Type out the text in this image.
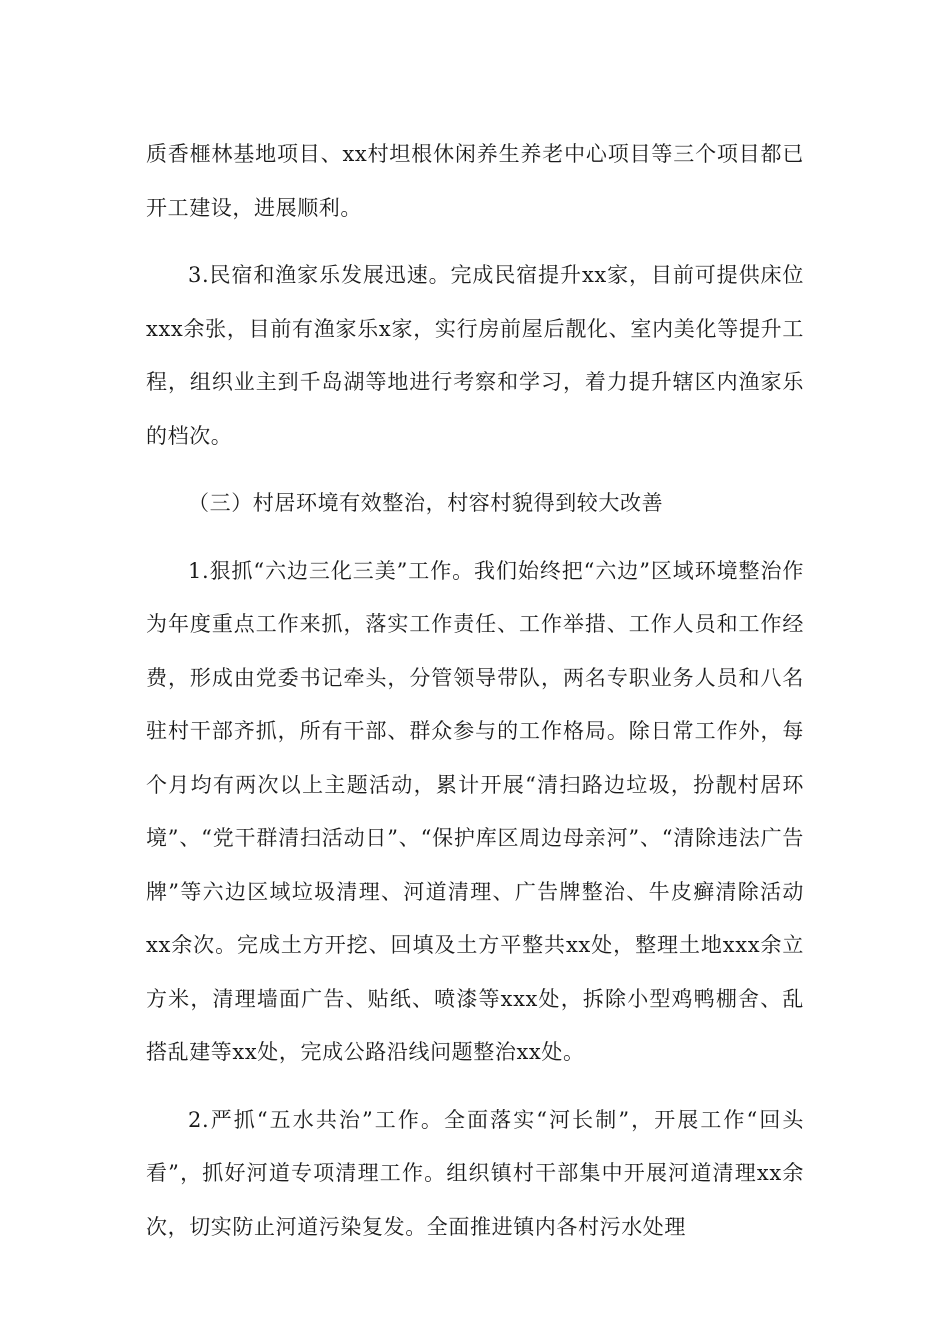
质香榧林基地项目、xx村坦根休闲养生养老中心项目等三个项目都已开工建设，进展顺利。

3.民宿和渔家乐发展迅速。完成民宿提升xx家，目前可提供床位xxx余张，目前有渔家乐x家，实行房前屋后靓化、室内美化等提升工程，组织业主到千岛湖等地进行考察和学习，着力提升辖区内渔家乐的档次。

（三）村居环境有效整治，村容村貌得到较大改善

1.狠抓“六边三化三美”工作。我们始终把“六边”区域环境整治作为年度重点工作来抓，落实工作责任、工作举措、工作人员和工作经费，形成由党委书记牵头，分管领导带队，两名专职业务人员和八名驻村干部齐抓，所有干部、群众参与的工作格局。除日常工作外，每个月均有两次以上主题活动，累计开展“清扫路边垃圾，扮靓村居环境”、“党干群清扫活动日”、“保护库区周边母亲河”、“清除违法广告牌”等六边区域垃圾清理、河道清理、广告牌整治、牛皮癣清除活动xx余次。完成土方开挖、回填及土方平整共xx处，整理土地xxx余立方米，清理墙面广告、贴纸、喷漆等xxx处，拆除小型鸡鸭棚舍、乱搭乱建等xx处，完成公路沿线问题整治xx处。

2.严抓“五水共治”工作。全面落实“河长制”，开展工作“回头看”，抓好河道专项清理工作。组织镇村干部集中开展河道清理xx余次，切实防止河道污染复发。全面推进镇内各村污水处理
